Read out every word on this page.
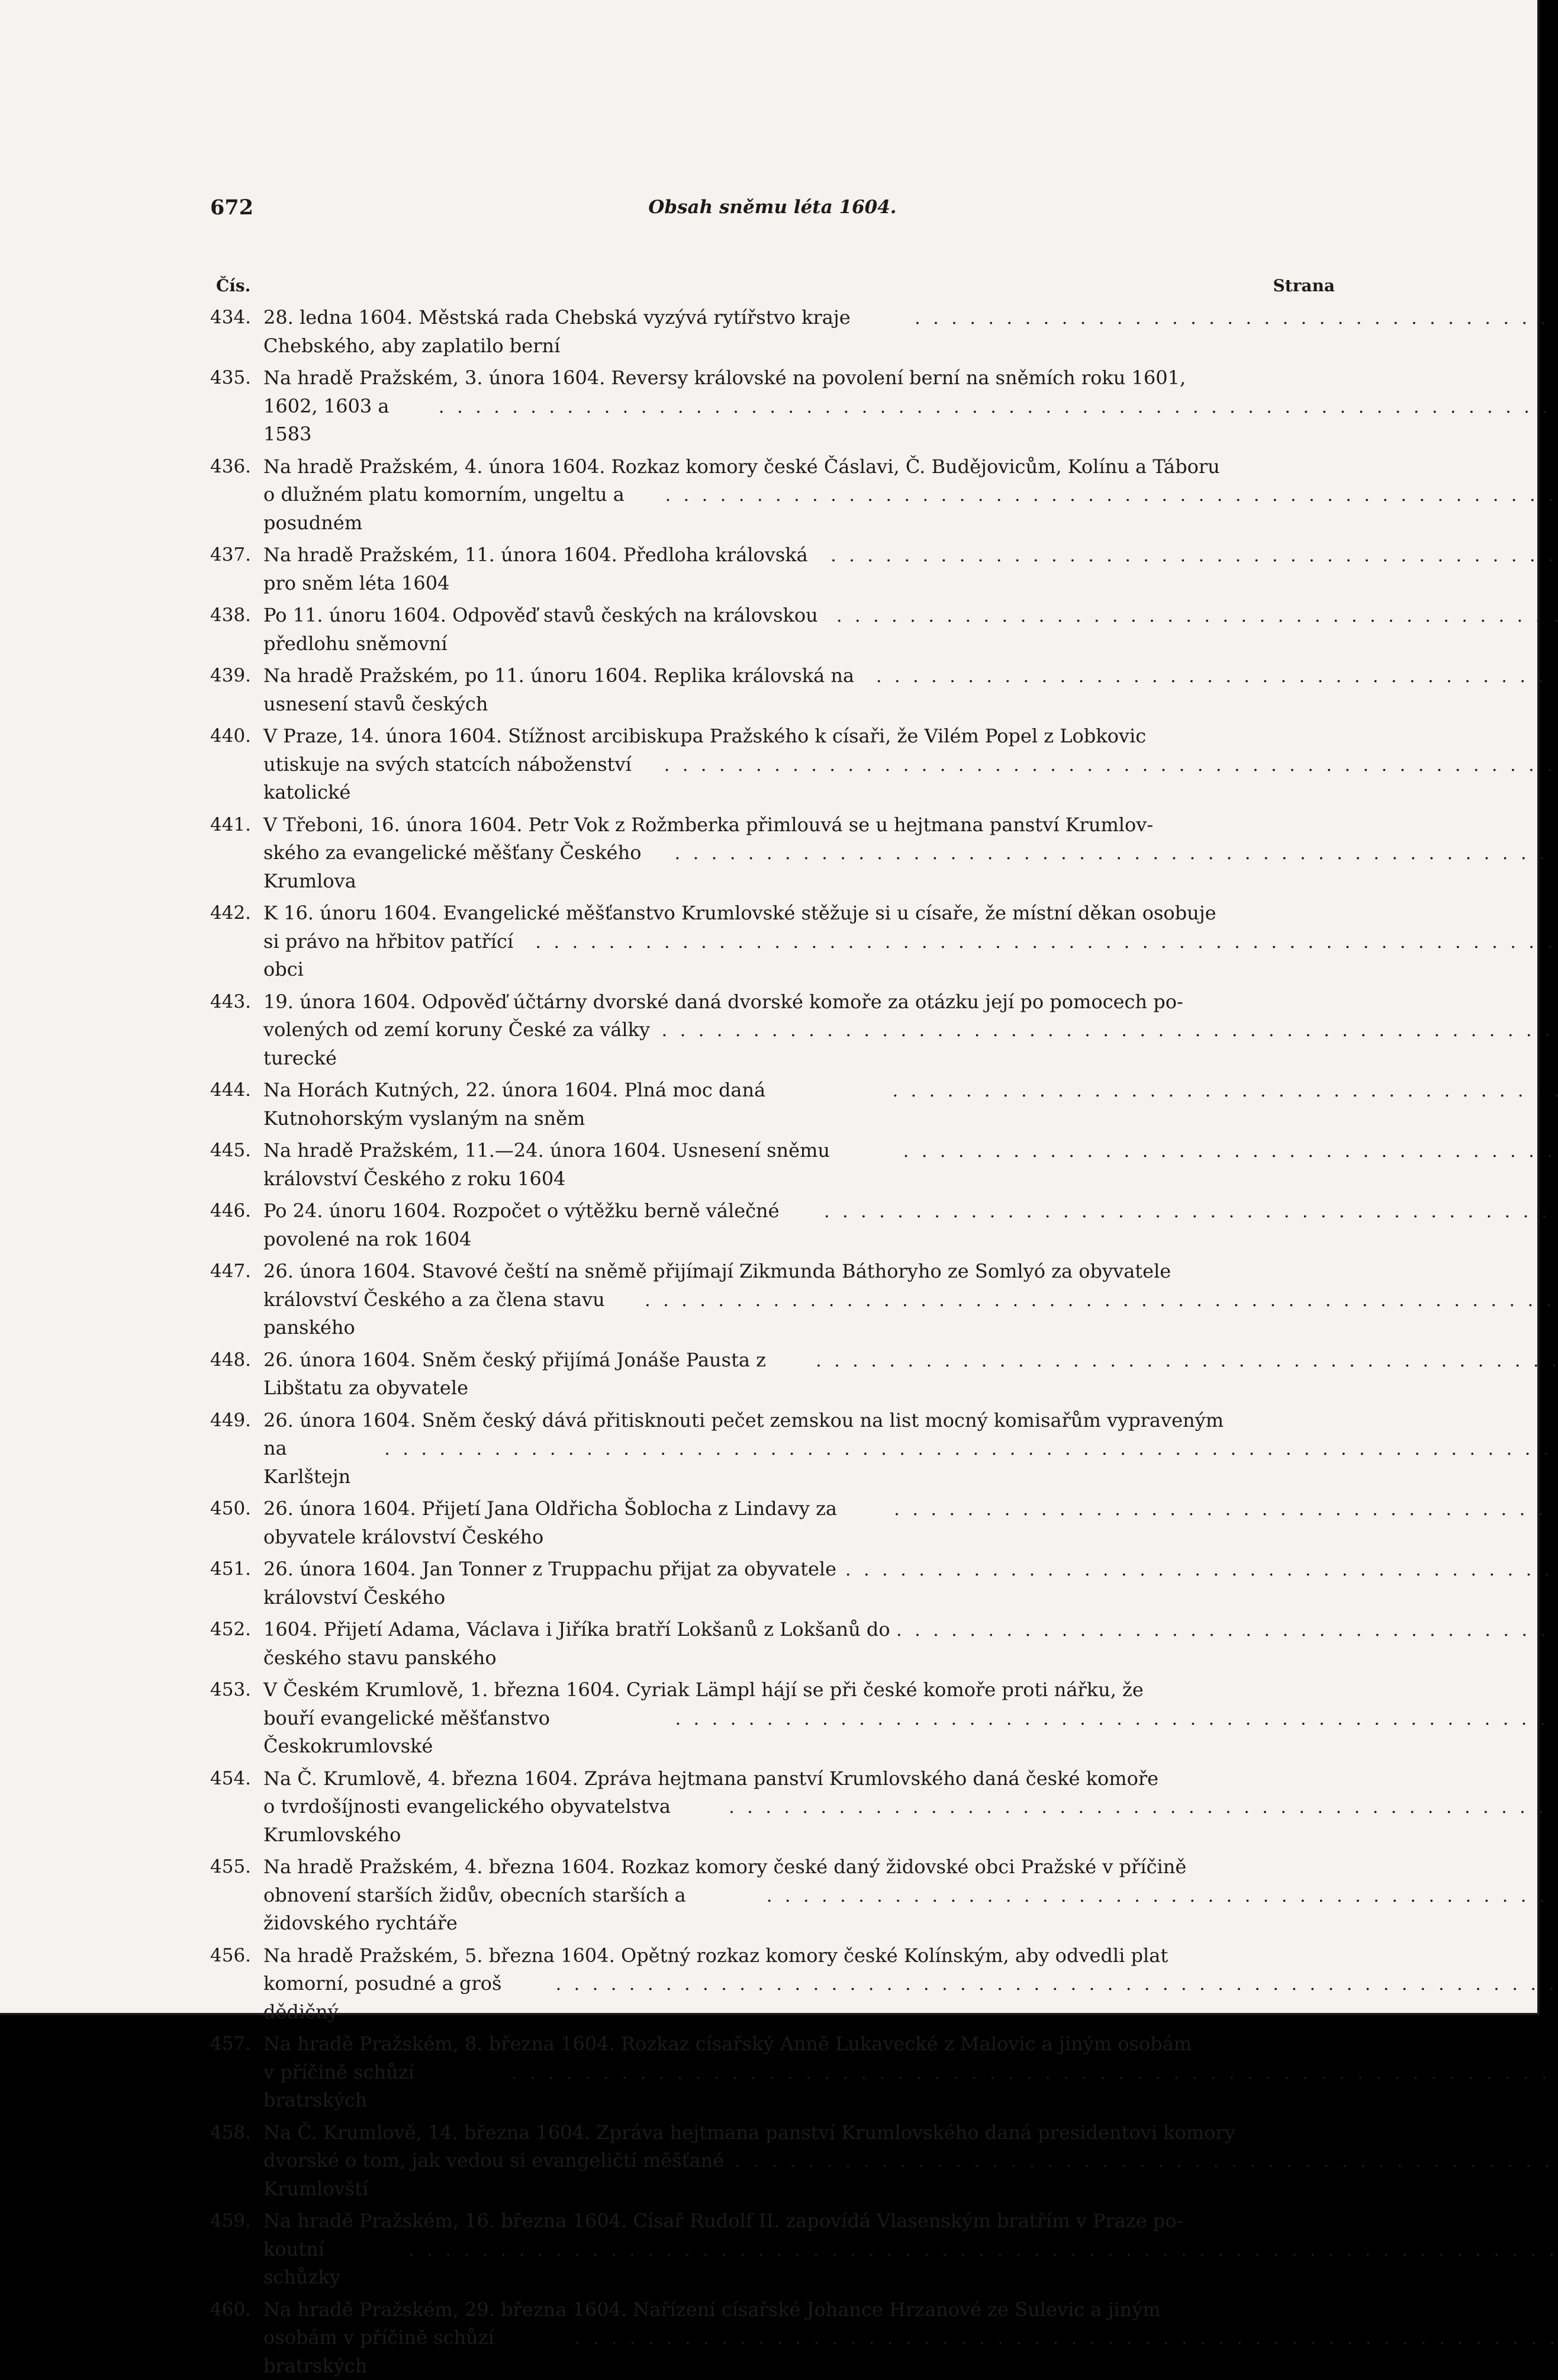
672	Obsah sněmu léta 1604.
Čís.	Strana
434. 28. ledna 1604. Městská rada Chebská vyzývá rytířstvo kraje Chebského, aby zaplatilo berní
. . .
435. Na hradě Pražském, 3. února 1604. Reversy královské na povolení berní na sněmích roku 1601,
1602, 1603 a 1583
. . .
436. Na hradě Pražském, 4. února 1604. Rozkaz komory české Čáslavi, Č. Budějovicům, Kolínu a Táboru
o dlužném platu komorním, ungeltu a posudném
. . .
437. Na hradě Pražském, 11. února 1604. Předloha královská pro sněm léta 1604
. . .
438. Po 11. únoru 1604. Odpověď stavů českých na královskou předlohu sněmovní
. . .
439. Na hradě Pražském, po 11. únoru 1604. Replika královská na usnesení stavů českých
. . .
440. V Praze, 14. února 1604. Stížnost arcibiskupa Pražského k císaři, že Vilém Popel z Lobkovic
utiskuje na svých statcích náboženství katolické
. . .
441. V Třeboni, 16. února 1604. Petr Vok z Rožmberka přimlouvá se u hejtmana panství Krumlov-
ského za evangelické měšťany Českého Krumlova
. . .
442. K 16. únoru 1604. Evangelické měšťanstvo Krumlovské stěžuje si u císaře, že místní děkan osobuje
si právo na hřbitov patřící obci
. . .
443. 19. února 1604. Odpověď účtárny dvorské daná dvorské komoře za otázku její po pomocech po-
volených od zemí koruny České za války turecké
. . .
444. Na Horách Kutných, 22. února 1604. Plná moc daná Kutnohorským vyslaným na sněm
. . .
445. Na hradě Pražském, 11.—24. února 1604. Usnesení sněmu království Českého z roku 1604
. . .
446. Po 24. únoru 1604. Rozpočet o výtěžku berně válečné povolené na rok 1604
. . .
447. 26. února 1604. Stavové čeští na sněmě přijímají Zikmunda Báthoryho ze Somlyó za obyvatele
království Českého a za člena stavu panského
. . .
448. 26. února 1604. Sněm český přijímá Jonáše Pausta z Libštatu za obyvatele
. . .
449. 26. února 1604. Sněm český dává přitisknouti pečet zemskou na list mocný komisařům vypraveným
na Karlštejn
. . .
450. 26. února 1604. Přijetí Jana Oldřicha Šoblocha z Lindavy za obyvatele království Českého
. . .
451. 26. února 1604. Jan Tonner z Truppachu přijat za obyvatele království Českého
. . .
452. 1604. Přijetí Adama, Václava i Jiříka bratří Lokšanů z Lokšanů do českého stavu panského
. . .
453. V Českém Krumlově, 1. března 1604. Cyriak Lämpl hájí se při české komoře proti nářku, že
bouří evangelické měšťanstvo Českokrumlovské
. . .
454. Na Č. Krumlově, 4. března 1604. Zpráva hejtmana panství Krumlovského daná české komoře
o tvrdošíjnosti evangelického obyvatelstva Krumlovského
. . .
455. Na hradě Pražském, 4. března 1604. Rozkaz komory české daný židovské obci Pražské v příčině
obnovení starších židův, obecních starších a židovského rychtáře
. . .
456. Na hradě Pražském, 5. března 1604. Opětný rozkaz komory české Kolínským, aby odvedli plat
komorní, posudné a groš dědičný
. . .
457. Na hradě Pražském, 8. března 1604. Rozkaz císařský Anně Lukavecké z Malovic a jiným osobám
v příčině schůzí bratrských
. . .
458. Na Č. Krumlově, 14. března 1604. Zpráva hejtmana panství Krumlovského daná presidentovi komory
dvorské o tom, jak vedou si evangeličtí měšťané Krumlovští
. . .
459. Na hradě Pražském, 16. března 1604. Císař Rudolf II. zapovídá Vlasenským bratřím v Praze po-
koutní schůzky
. . .
460. Na hradě Pražském, 29. března 1604. Nařízení císařské Johance Hrzanové ze Sulevic a jiným
osobám v příčině schůzí bratrských
. . .
